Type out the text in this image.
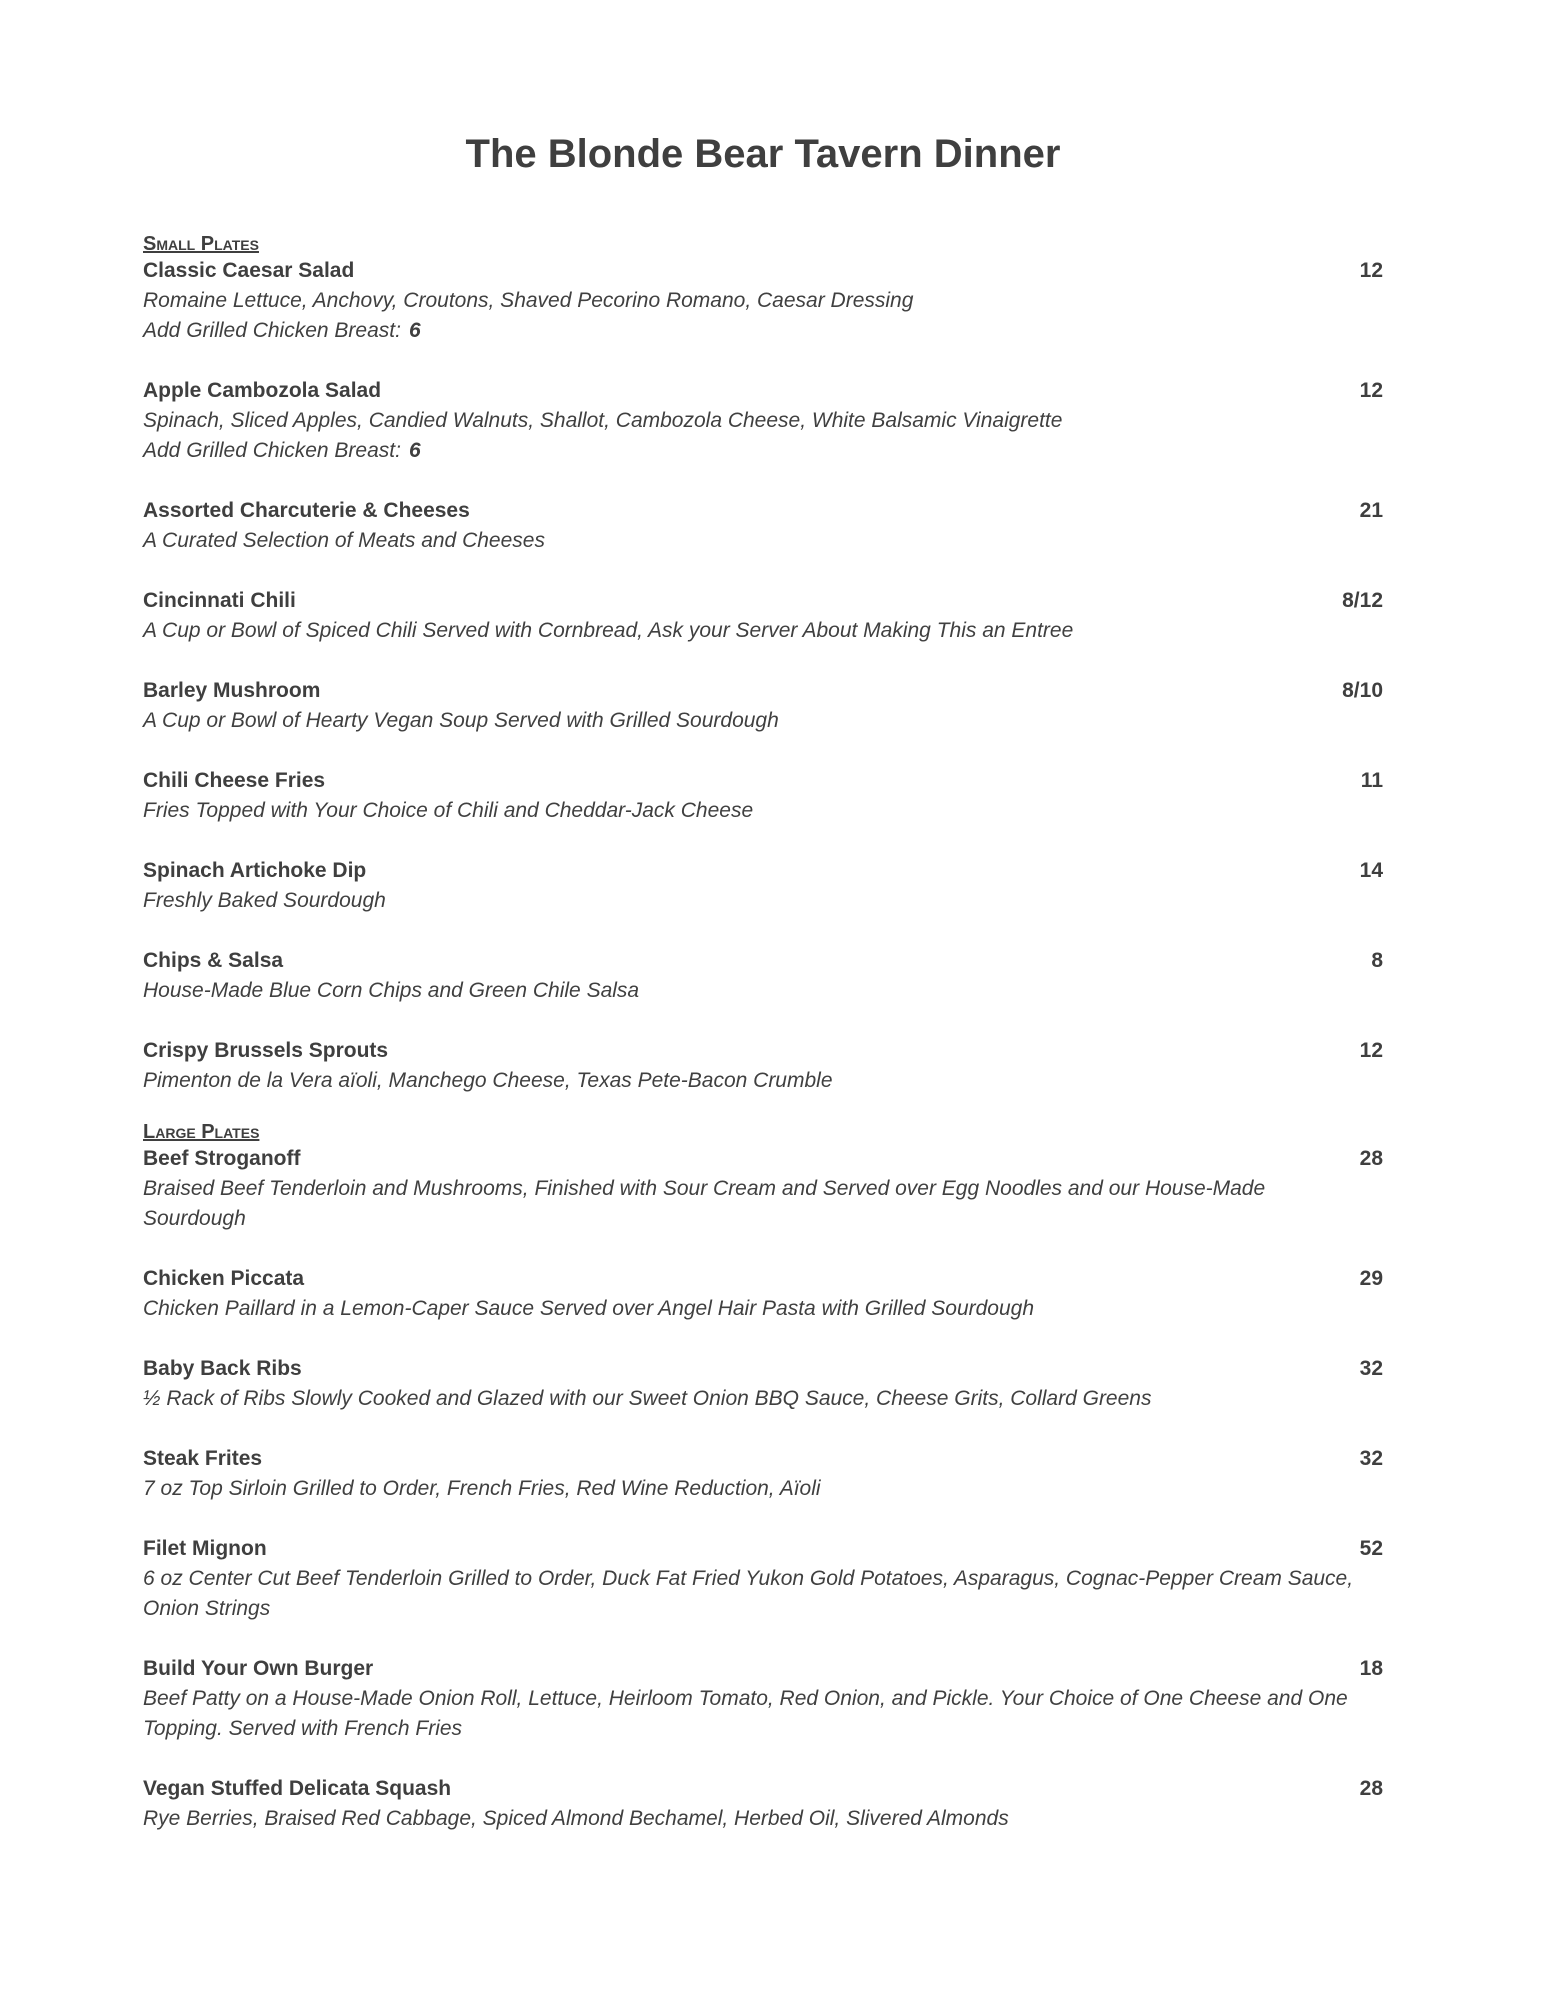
The Blonde Bear Tavern Dinner
Small Plates
Classic Caesar Salad	12
Romaine Lettuce, Anchovy, Croutons, Shaved Pecorino Romano, Caesar Dressing
Add Grilled Chicken Breast: 6
Apple Cambozola Salad	12
Spinach, Sliced Apples, Candied Walnuts, Shallot, Cambozola Cheese, White Balsamic Vinaigrette
Add Grilled Chicken Breast: 6
Assorted Charcuterie & Cheeses	21
A Curated Selection of Meats and Cheeses
Cincinnati Chili	8/12
A Cup or Bowl of Spiced Chili Served with Cornbread, Ask your Server About Making This an Entree
Barley Mushroom	8/10
A Cup or Bowl of Hearty Vegan Soup Served with Grilled Sourdough
Chili Cheese Fries	11
Fries Topped with Your Choice of Chili and Cheddar-Jack Cheese
Spinach Artichoke Dip	14
Freshly Baked Sourdough
Chips & Salsa	8
House-Made Blue Corn Chips and Green Chile Salsa
Crispy Brussels Sprouts	12
Pimenton de la Vera aïoli, Manchego Cheese, Texas Pete-Bacon Crumble
Large Plates
Beef Stroganoff	28
Braised Beef Tenderloin and Mushrooms, Finished with Sour Cream and Served over Egg Noodles and our House-Made Sourdough
Chicken Piccata	29
Chicken Paillard in a Lemon-Caper Sauce Served over Angel Hair Pasta with Grilled Sourdough
Baby Back Ribs	32
½ Rack of Ribs Slowly Cooked and Glazed with our Sweet Onion BBQ Sauce, Cheese Grits, Collard Greens
Steak Frites	32
7 oz Top Sirloin Grilled to Order, French Fries, Red Wine Reduction, Aïoli
Filet Mignon	52
6 oz Center Cut Beef Tenderloin Grilled to Order, Duck Fat Fried Yukon Gold Potatoes, Asparagus, Cognac-Pepper Cream Sauce, Onion Strings
Build Your Own Burger	18
Beef Patty on a House-Made Onion Roll, Lettuce, Heirloom Tomato, Red Onion, and Pickle. Your Choice of One Cheese and One Topping. Served with French Fries
Vegan Stuffed Delicata Squash	28
Rye Berries, Braised Red Cabbage, Spiced Almond Bechamel, Herbed Oil, Slivered Almonds
